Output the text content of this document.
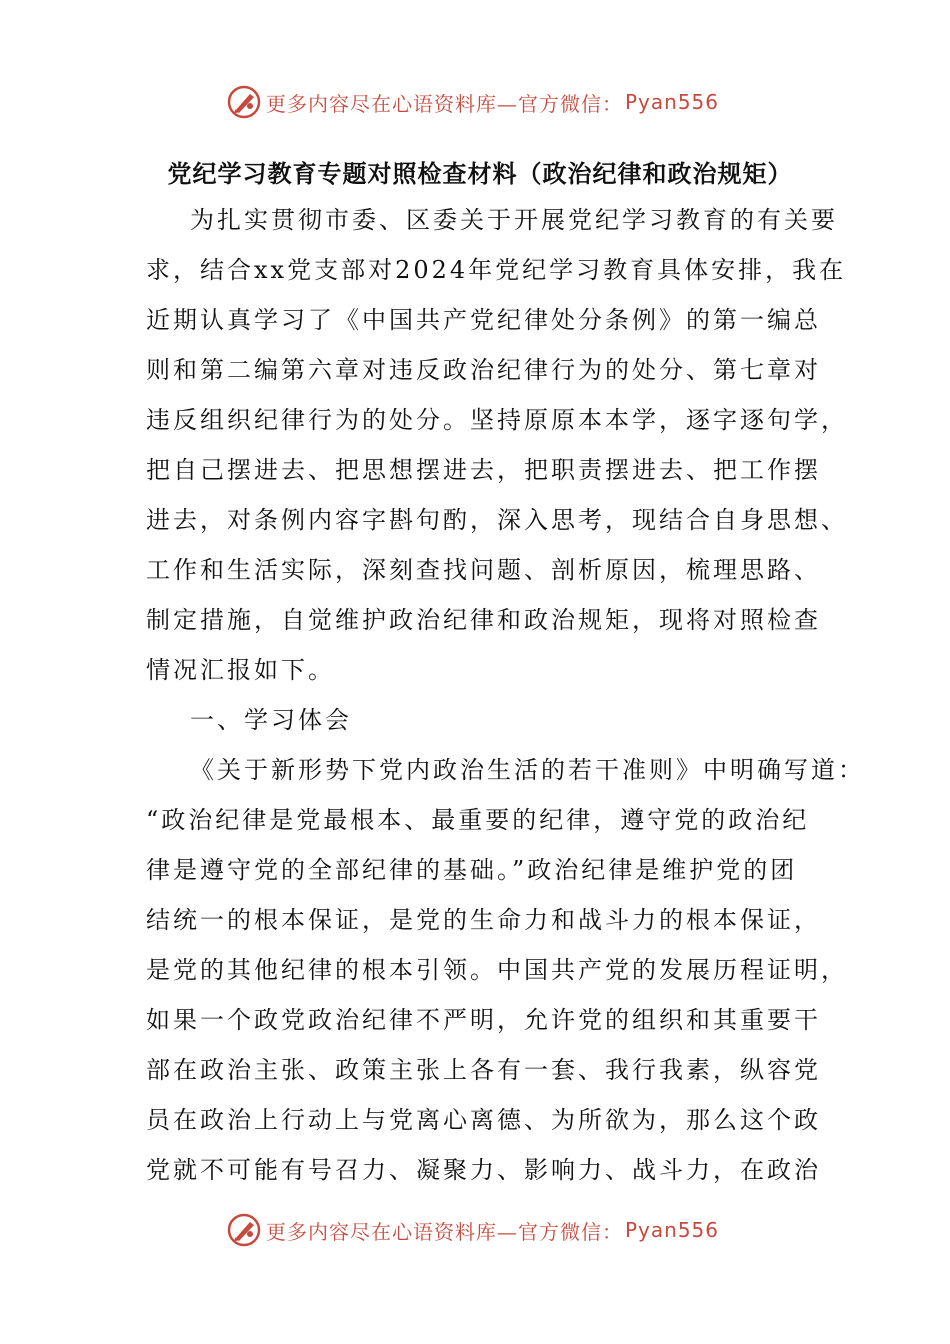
更多内容尽在心语资料库—官方微信： Pyan556
党纪学习教育专题对照检查材料（政治纪律和政治规矩）
为扎实贯彻市委、区委关于开展党纪学习教育的有关要
求，结合xx党支部对2024年党纪学习教育具体安排，我在
近期认真学习了《中国共产党纪律处分条例》的第一编总
则和第二编第六章对违反政治纪律行为的处分、第七章对
违反组织纪律行为的处分。坚持原原本本学，逐字逐句学，
把自己摆进去、把思想摆进去，把职责摆进去、把工作摆
进去，对条例内容字斟句酌，深入思考，现结合自身思想、
工作和生活实际，深刻查找问题、剖析原因，梳理思路、
制定措施，自觉维护政治纪律和政治规矩，现将对照检查
情况汇报如下。
一、学习体会
《关于新形势下党内政治生活的若干准则》中明确写道：
“政治纪律是党最根本、最重要的纪律，遵守党的政治纪
律是遵守党的全部纪律的基础。”政治纪律是维护党的团
结统一的根本保证，是党的生命力和战斗力的根本保证，
是党的其他纪律的根本引领。中国共产党的发展历程证明，
如果一个政党政治纪律不严明，允许党的组织和其重要干
部在政治主张、政策主张上各有一套、我行我素，纵容党
员在政治上行动上与党离心离德、为所欲为，那么这个政
党就不可能有号召力、凝聚力、影响力、战斗力，在政治
更多内容尽在心语资料库—官方微信： Pyan556
